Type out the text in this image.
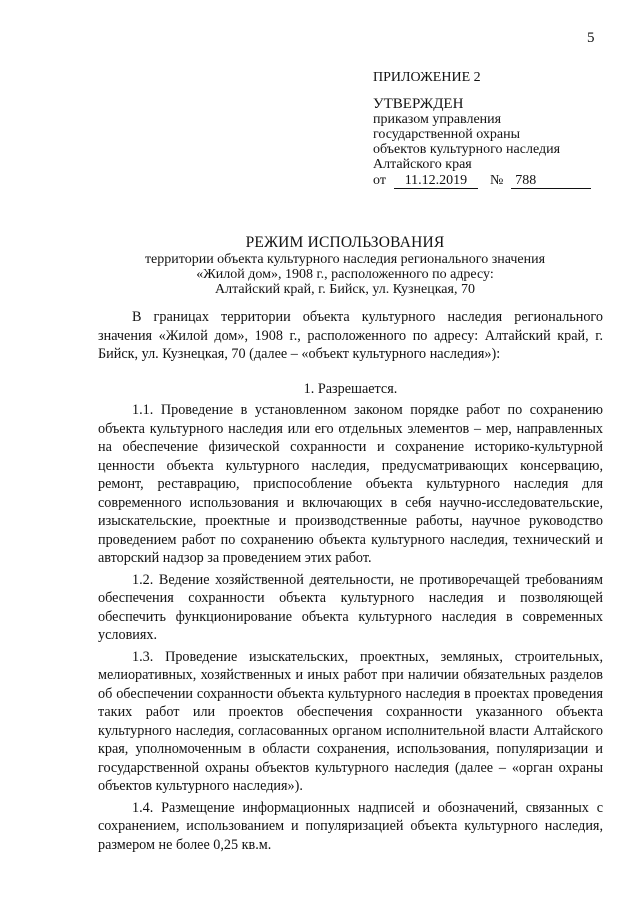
5
ПРИЛОЖЕНИЕ 2
УТВЕРЖДЕН
приказом управления
государственной охраны
объектов культурного наследия
Алтайского края
от 11.12.2019 № 788
РЕЖИМ ИСПОЛЬЗОВАНИЯ
территории объекта культурного наследия регионального значения
«Жилой дом», 1908 г., расположенного по адресу:
Алтайский край, г. Бийск, ул. Кузнецкая, 70

В границах территории объекта культурного наследия регионального значения «Жилой дом», 1908 г., расположенного по адресу: Алтайский край, г. Бийск, ул. Кузнецкая, 70 (далее – «объект культурного наследия»):

1. Разрешается.

1.1. Проведение в установленном законом порядке работ по сохранению объекта культурного наследия или его отдельных элементов – мер, направленных на обеспечение физической сохранности и сохранение историко-культурной ценности объекта культурного наследия, предусматривающих консервацию, ремонт, реставрацию, приспособление объекта культурного наследия для современного использования и включающих в себя научно-исследовательские, изыскательские, проектные и производственные работы, научное руководство проведением работ по сохранению объекта культурного наследия, технический и авторский надзор за проведением этих работ.

1.2. Ведение хозяйственной деятельности, не противоречащей требованиям обеспечения сохранности объекта культурного наследия и позволяющей обеспечить функционирование объекта культурного наследия в современных условиях.

1.3. Проведение изыскательских, проектных, земляных, строительных, мелиоративных, хозяйственных и иных работ при наличии обязательных разделов об обеспечении сохранности объекта культурного наследия в проектах проведения таких работ или проектов обеспечения сохранности указанного объекта культурного наследия, согласованных органом исполнительной власти Алтайского края, уполномоченным в области сохранения, использования, популяризации и государственной охраны объектов культурного наследия (далее – «орган охраны объектов культурного наследия»).

1.4. Размещение информационных надписей и обозначений, связанных с сохранением, использованием и популяризацией объекта культурного наследия, размером не более 0,25 кв.м.
